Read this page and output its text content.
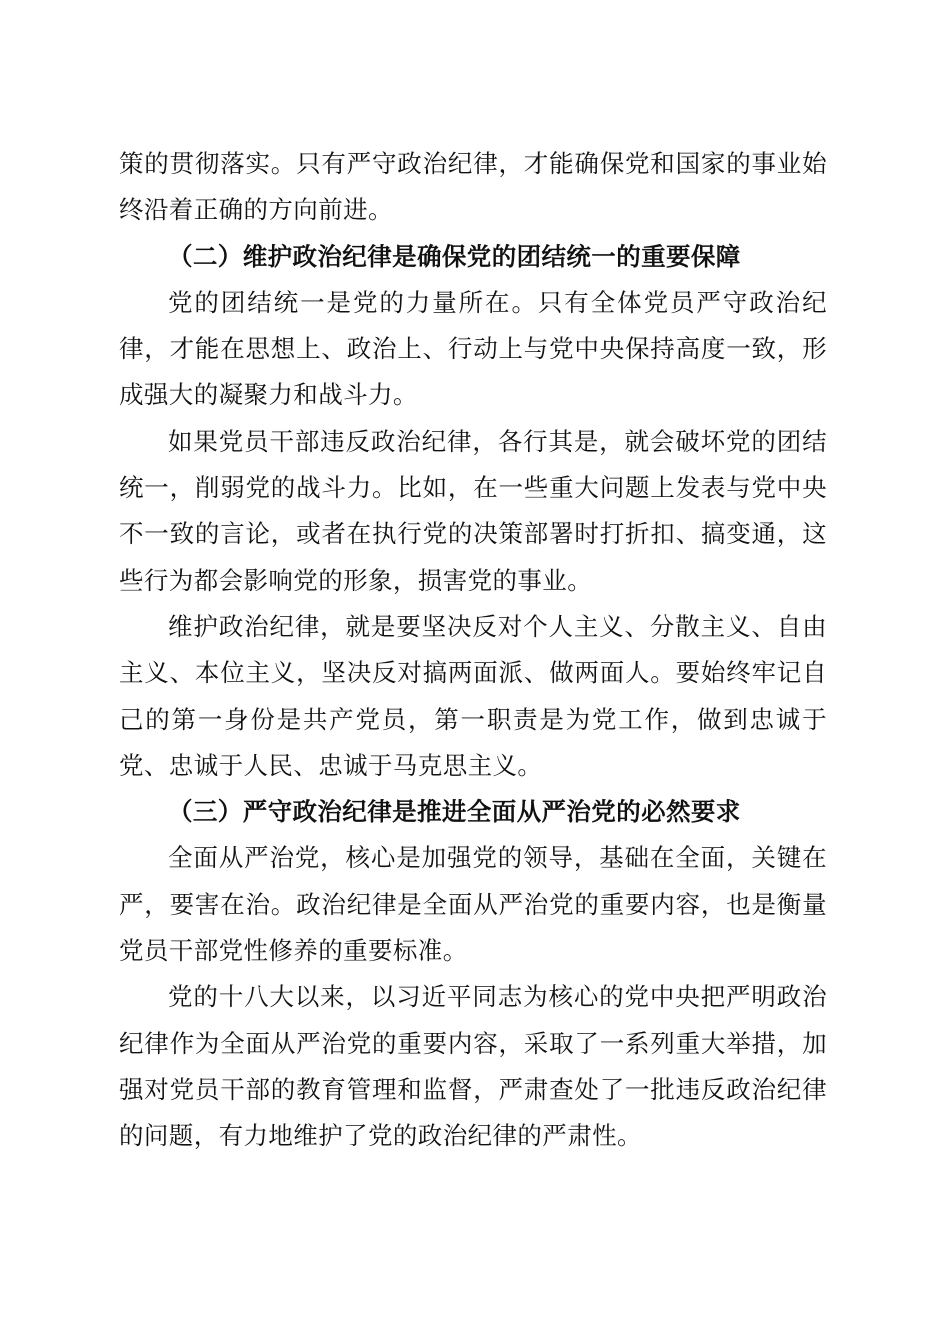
策的贯彻落实。只有严守政治纪律，才能确保党和国家的事业始终沿着正确的方向前进。

（二）维护政治纪律是确保党的团结统一的重要保障

党的团结统一是党的力量所在。只有全体党员严守政治纪律，才能在思想上、政治上、行动上与党中央保持高度一致，形成强大的凝聚力和战斗力。

如果党员干部违反政治纪律，各行其是，就会破坏党的团结统一，削弱党的战斗力。比如，在一些重大问题上发表与党中央不一致的言论，或者在执行党的决策部署时打折扣、搞变通，这些行为都会影响党的形象，损害党的事业。

维护政治纪律，就是要坚决反对个人主义、分散主义、自由主义、本位主义，坚决反对搞两面派、做两面人。要始终牢记自己的第一身份是共产党员，第一职责是为党工作，做到忠诚于党、忠诚于人民、忠诚于马克思主义。

（三）严守政治纪律是推进全面从严治党的必然要求

全面从严治党，核心是加强党的领导，基础在全面，关键在严，要害在治。政治纪律是全面从严治党的重要内容，也是衡量党员干部党性修养的重要标准。

党的十八大以来，以习近平同志为核心的党中央把严明政治纪律作为全面从严治党的重要内容，采取了一系列重大举措，加强对党员干部的教育管理和监督，严肃查处了一批违反政治纪律的问题，有力地维护了党的政治纪律的严肃性。
